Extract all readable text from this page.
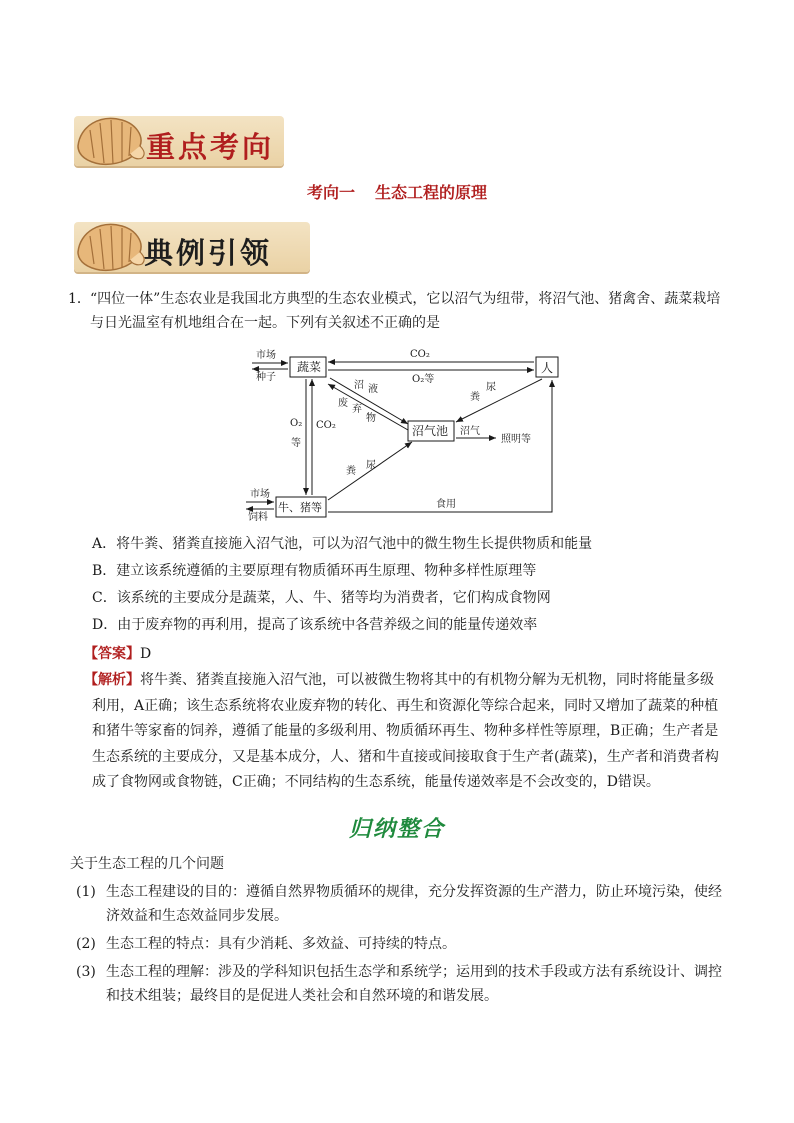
重点考向
考向一 生态工程的原理
典例引领
1． “四位一体”生态农业是我国北方典型的生态农业模式，它以沼气为纽带，将沼气池、猪禽舍、蔬菜栽培与日光温室有机地组合在一起。下列有关叙述不正确的是
蔬菜	人
沼气池
牛、猪等
市场
种子
市场
饲料
CO₂
O₂等
O₂
等
CO₂
沼 液
废
弃
物
尿
粪
尿
粪
沼气
照明等
食用
A．将牛粪、猪粪直接施入沼气池，可以为沼气池中的微生物生长提供物质和能量
B．建立该系统遵循的主要原理有物质循环再生原理、物种多样性原理等
C．该系统的主要成分是蔬菜，人、牛、猪等均为消费者，它们构成食物网
D．由于废弃物的再利用，提高了该系统中各营养级之间的能量传递效率
【答案】D
【解析】将牛粪、猪粪直接施入沼气池，可以被微生物将其中的有机物分解为无机物，同时将能量多级利用，A正确；该生态系统将农业废弃物的转化、再生和资源化等综合起来，同时又增加了蔬菜的种植和猪牛等家畜的饲养，遵循了能量的多级利用、物质循环再生、物种多样性等原理，B正确；生产者是生态系统的主要成分，又是基本成分，人、猪和牛直接或间接取食于生产者(蔬菜)，生产者和消费者构成了食物网或食物链，C正确；不同结构的生态系统，能量传递效率是不会改变的，D错误。
归纳整合
关于生态工程的几个问题
(1) 生态工程建设的目的：遵循自然界物质循环的规律，充分发挥资源的生产潜力，防止环境污染，使经济效益和生态效益同步发展。
(2) 生态工程的特点：具有少消耗、多效益、可持续的特点。
(3) 生态工程的理解：涉及的学科知识包括生态学和系统学；运用到的技术手段或方法有系统设计、调控和技术组装；最终目的是促进人类社会和自然环境的和谐发展。
